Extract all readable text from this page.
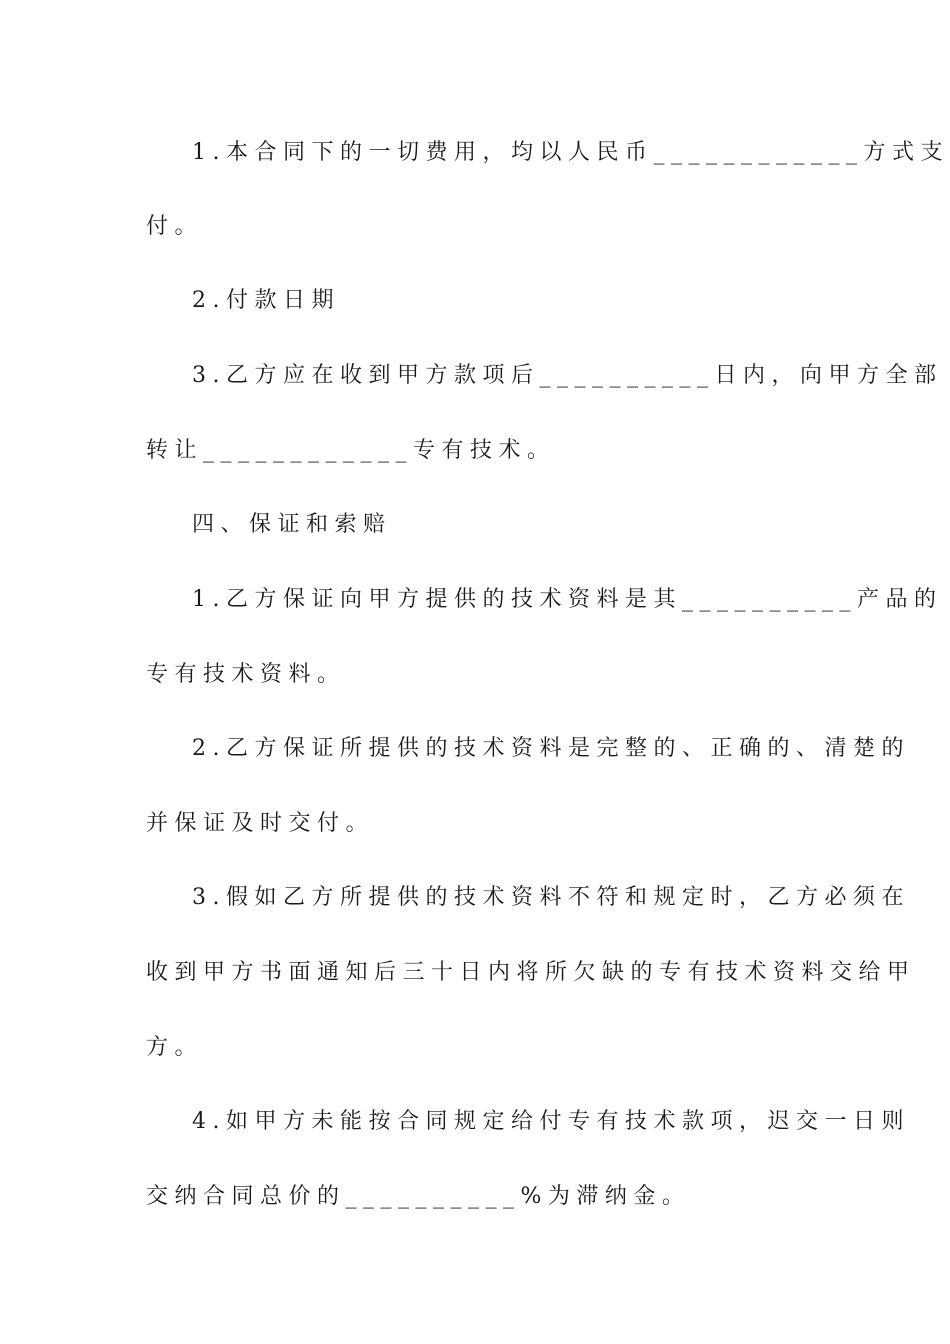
1.本合同下的一切费用，均以人民币____________方式支
付。
2.付款日期
3.乙方应在收到甲方款项后__________日内，向甲方全部
转让____________专有技术。
四、保证和索赔
1.乙方保证向甲方提供的技术资料是其__________产品的
专有技术资料。
2.乙方保证所提供的技术资料是完整的、正确的、清楚的
并保证及时交付。
3.假如乙方所提供的技术资料不符和规定时，乙方必须在
收到甲方书面通知后三十日内将所欠缺的专有技术资料交给甲
方。
4.如甲方未能按合同规定给付专有技术款项，迟交一日则
交纳合同总价的__________%为滞纳金。
